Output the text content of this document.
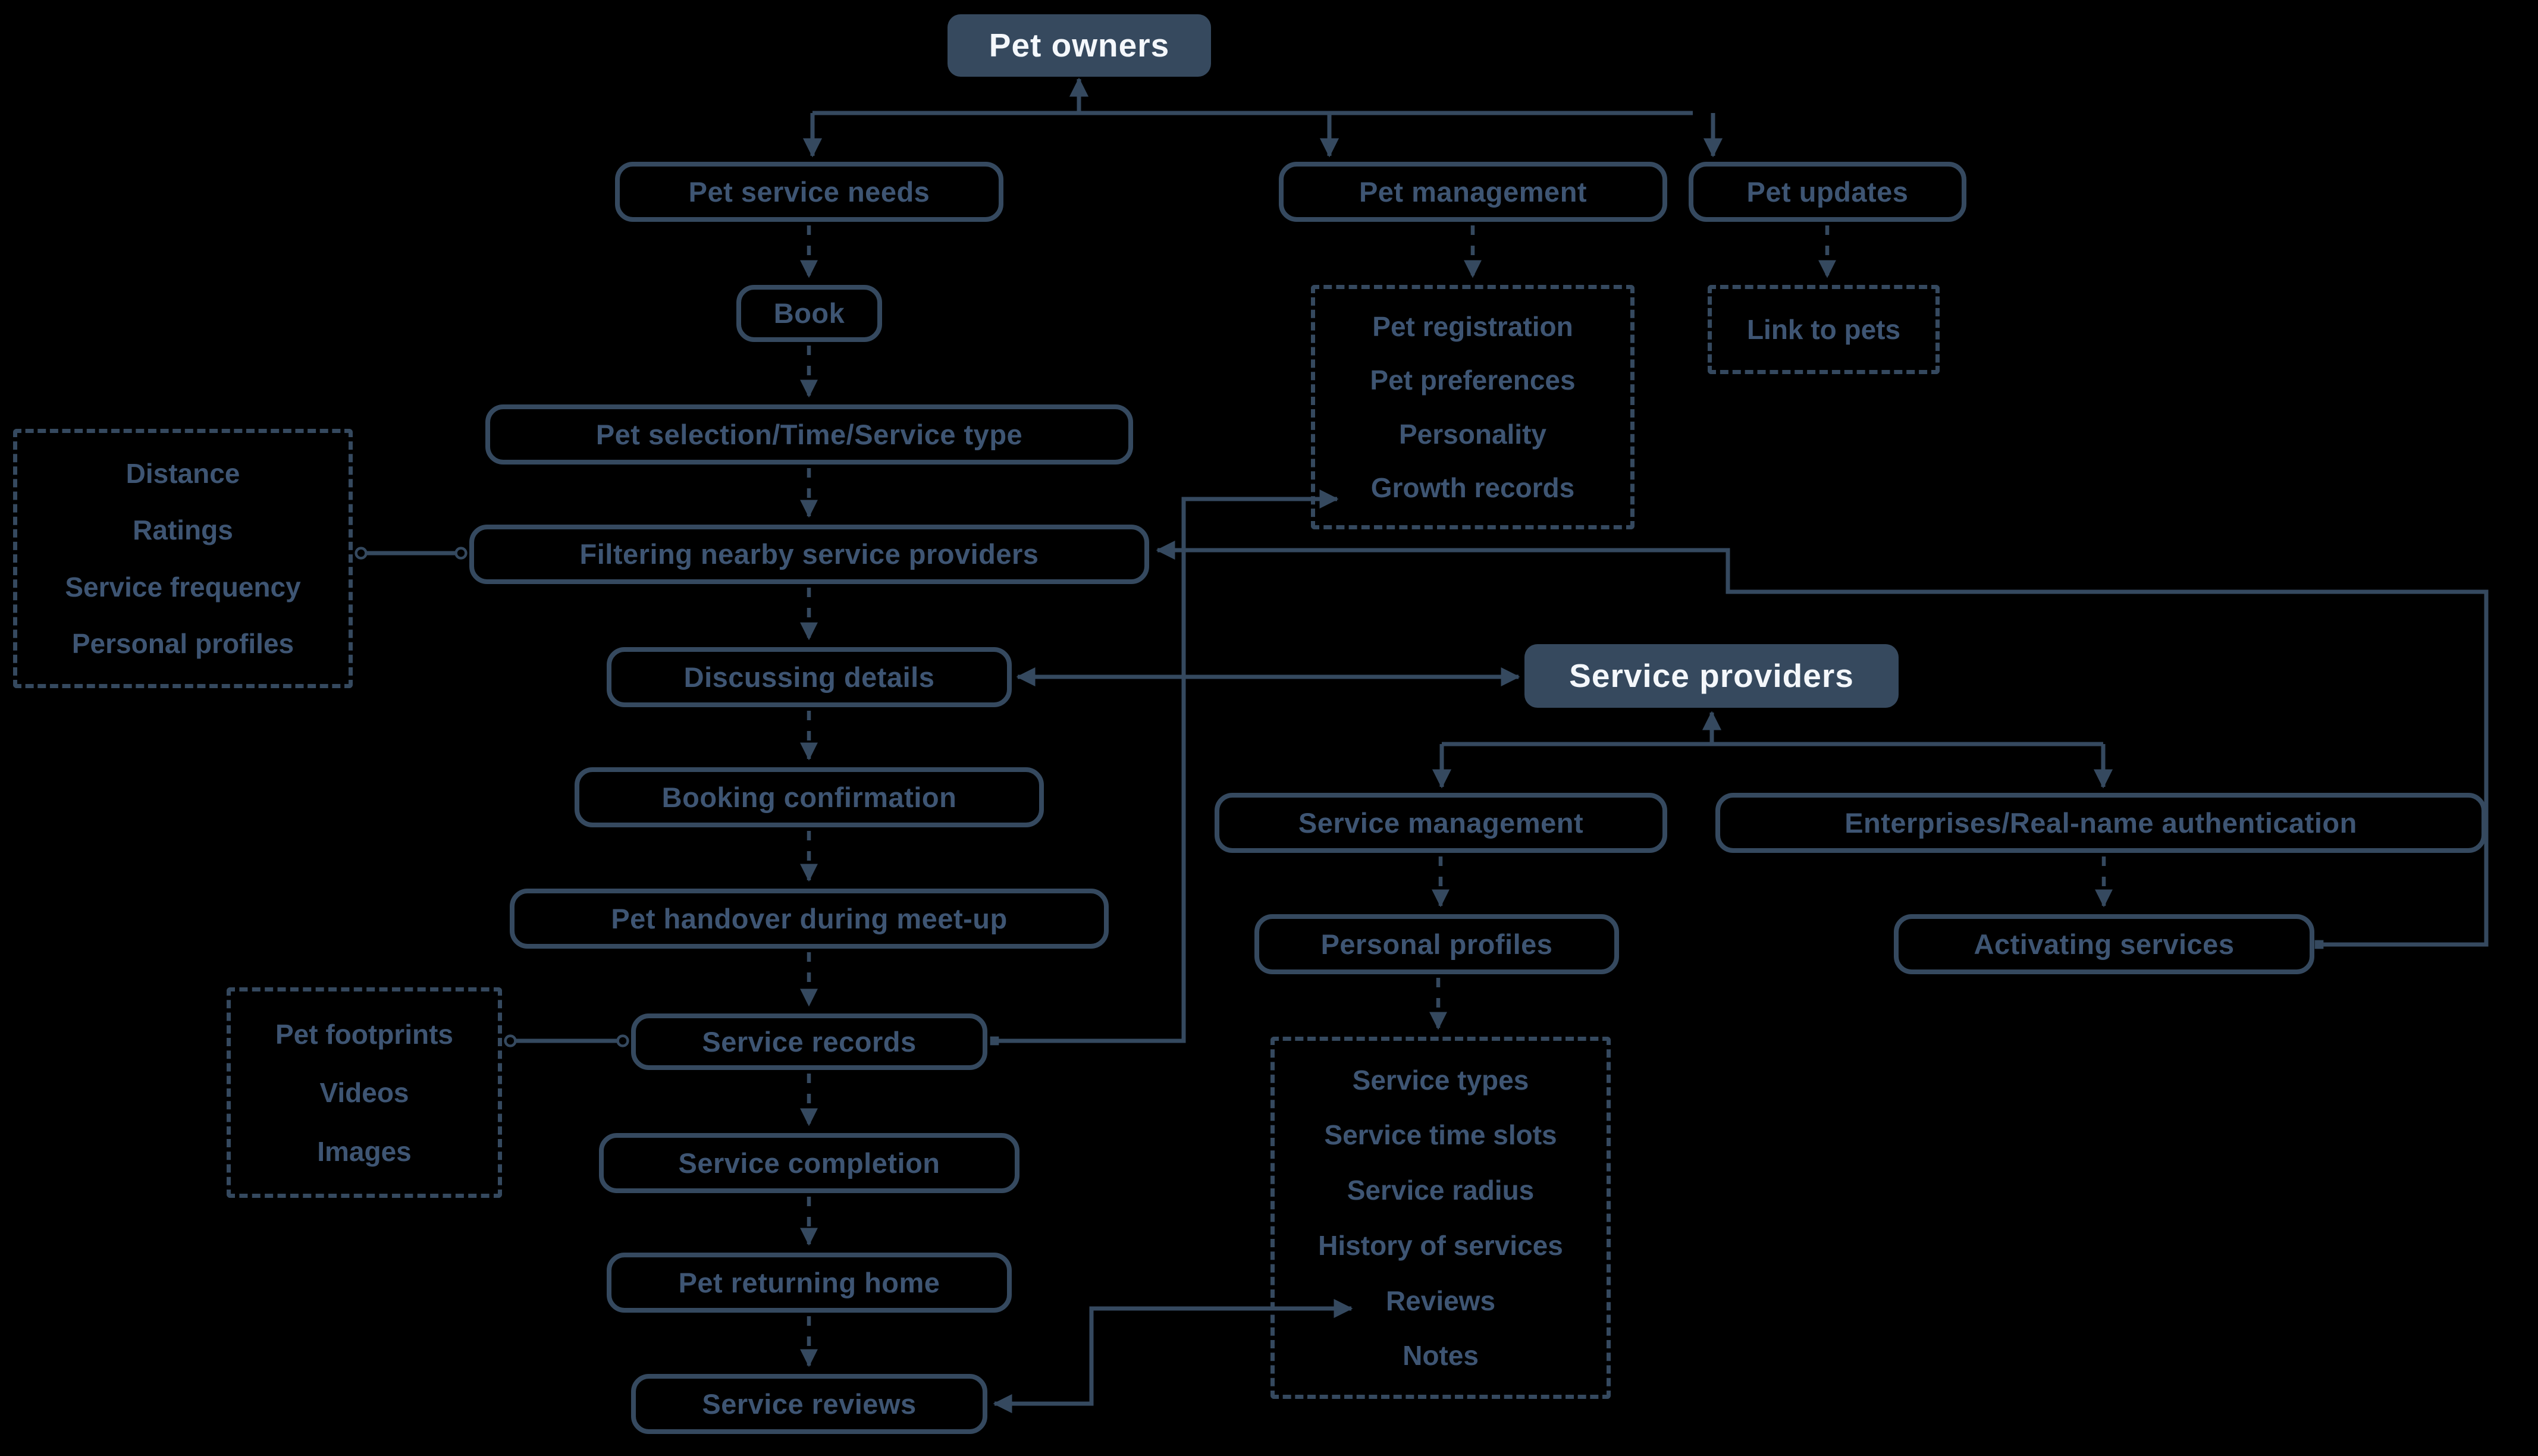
Pet owners
Pet service needs
Book
Pet selection/Time/Service type
Filtering nearby service providers
Discussing details
Booking confirmation
Pet handover during meet-up
Service records
Service completion
Pet returning home
Service reviews
Pet management	Pet updates
Service providers
Service management	Enterprises/Real-name authentication
Personal profiles	Activating services
Distance
Ratings
Service frequency
Personal profiles
Pet footprints
Videos
Images
Pet registration
Pet preferences
Personality
Growth records
Link to pets
Service types
Service time slots
Service radius
History of services
Reviews
Notes
